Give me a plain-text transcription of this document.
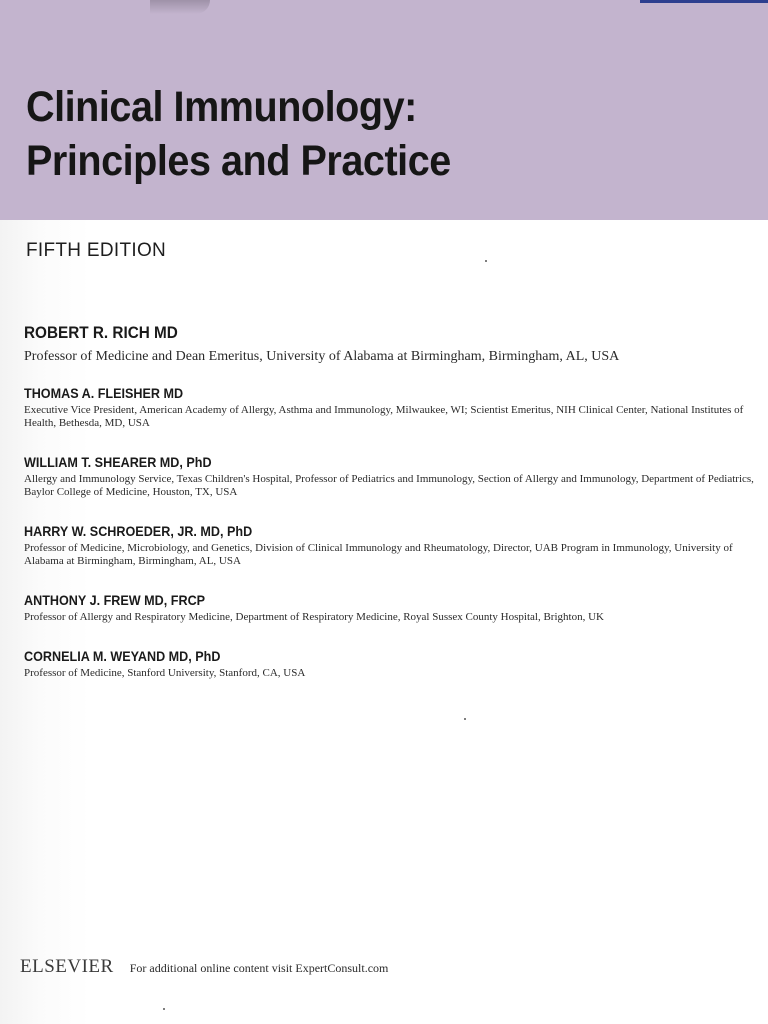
Clinical Immunology:
Principles and Practice
FIFTH EDITION
ROBERT R. RICH MD
Professor of Medicine and Dean Emeritus, University of Alabama at Birmingham, Birmingham, AL, USA
THOMAS A. FLEISHER MD
Executive Vice President, American Academy of Allergy, Asthma and Immunology, Milwaukee, WI; Scientist Emeritus, NIH Clinical Center, National Institutes of Health, Bethesda, MD, USA
WILLIAM T. SHEARER MD, PhD
Allergy and Immunology Service, Texas Children's Hospital, Professor of Pediatrics and Immunology, Section of Allergy and Immunology, Department of Pediatrics, Baylor College of Medicine, Houston, TX, USA
HARRY W. SCHROEDER, JR. MD, PhD
Professor of Medicine, Microbiology, and Genetics, Division of Clinical Immunology and Rheumatology, Director, UAB Program in Immunology, University of Alabama at Birmingham, Birmingham, AL, USA
ANTHONY J. FREW MD, FRCP
Professor of Allergy and Respiratory Medicine, Department of Respiratory Medicine, Royal Sussex County Hospital, Brighton, UK
CORNELIA M. WEYAND MD, PhD
Professor of Medicine, Stanford University, Stanford, CA, USA
ELSEVIER For additional online content visit ExpertConsult.com
